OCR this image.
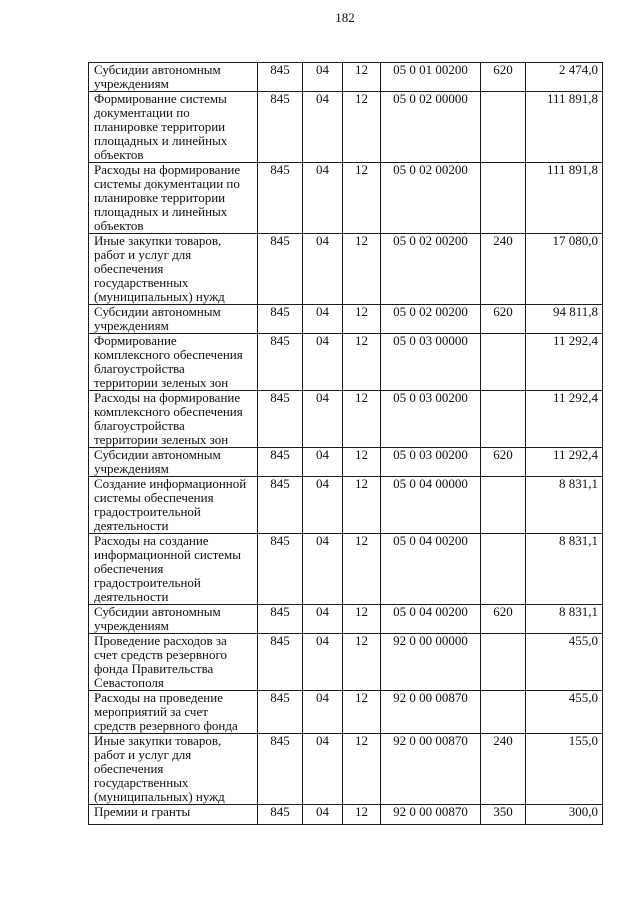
182
Субсидии автономным
учреждениям	845	04	12	05 0 01 00200	620	2 474,0
Формирование системы
документации по
планировке территории
площадных и линейных
объектов	845	04	12	05 0 02 00000		111 891,8
Расходы на формирование
системы документации по
планировке территории
площадных и линейных
объектов	845	04	12	05 0 02 00200		111 891,8
Иные закупки товаров,
работ и услуг для
обеспечения
государственных
(муниципальных) нужд	845	04	12	05 0 02 00200	240	17 080,0
Субсидии автономным
учреждениям	845	04	12	05 0 02 00200	620	94 811,8
Формирование
комплексного обеспечения
благоустройства
территории зеленых зон	845	04	12	05 0 03 00000		11 292,4
Расходы на формирование
комплексного обеспечения
благоустройства
территории зеленых зон	845	04	12	05 0 03 00200		11 292,4
Субсидии автономным
учреждениям	845	04	12	05 0 03 00200	620	11 292,4
Создание информационной
системы обеспечения
градостроительной
деятельности	845	04	12	05 0 04 00000		8 831,1
Расходы на создание
информационной системы
обеспечения
градостроительной
деятельности	845	04	12	05 0 04 00200		8 831,1
Субсидии автономным
учреждениям	845	04	12	05 0 04 00200	620	8 831,1
Проведение расходов за
счет средств резервного
фонда Правительства
Севастополя	845	04	12	92 0 00 00000		455,0
Расходы на проведение
мероприятий за счет
средств резервного фонда	845	04	12	92 0 00 00870		455,0
Иные закупки товаров,
работ и услуг для
обеспечения
государственных
(муниципальных) нужд	845	04	12	92 0 00 00870	240	155,0
Премии и гранты	845	04	12	92 0 00 00870	350	300,0
